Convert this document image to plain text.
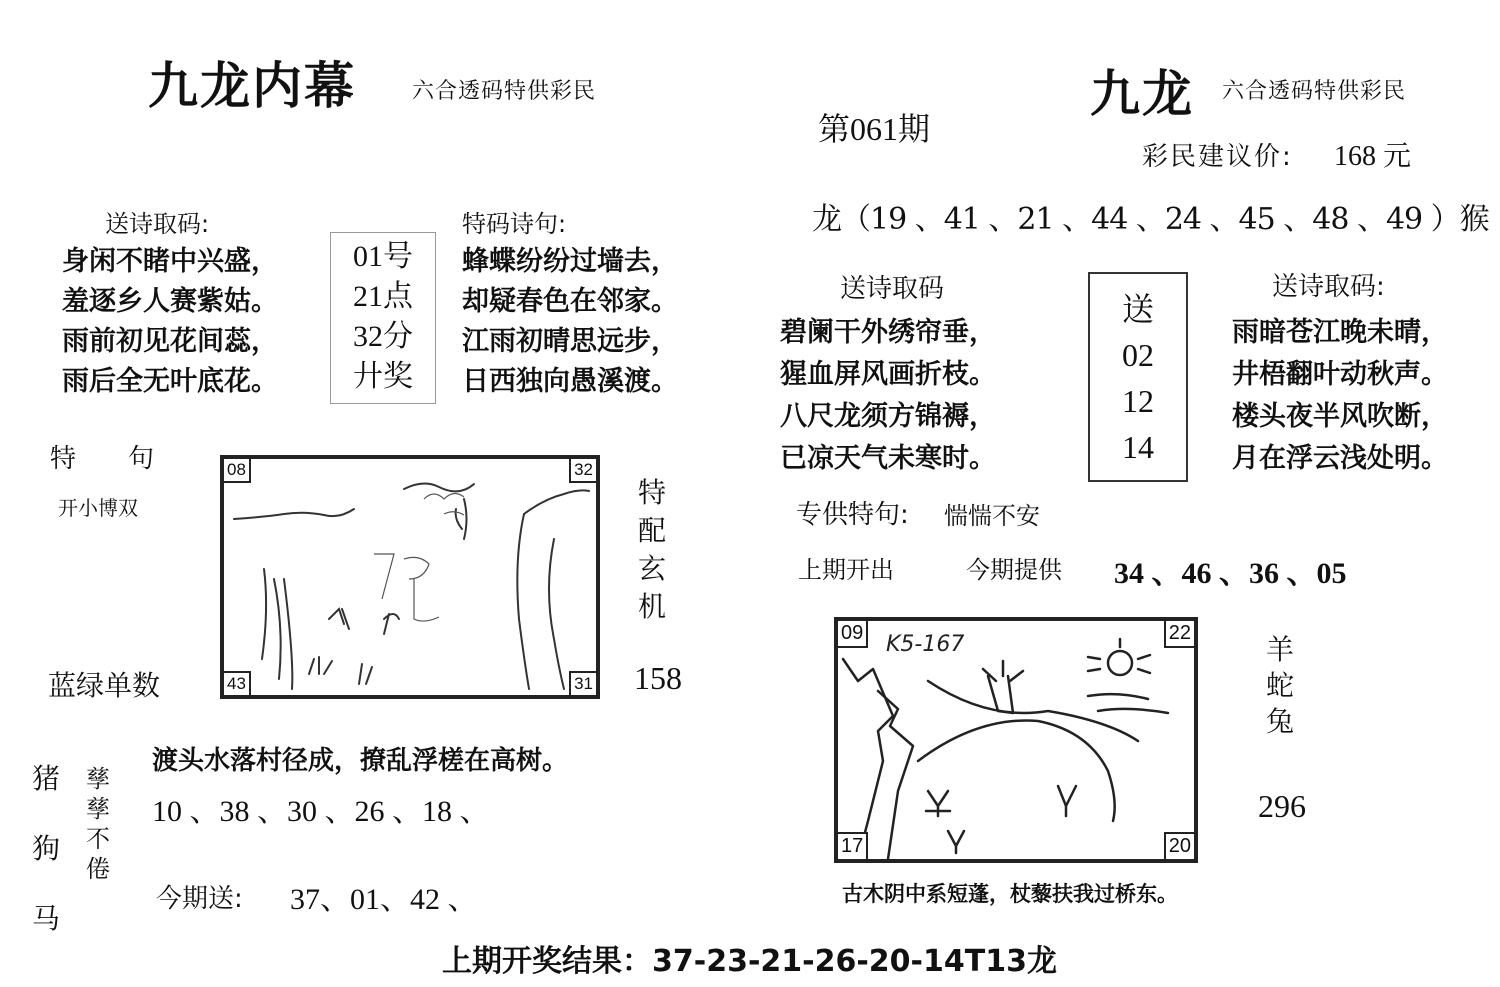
九龙内幕	六合透码特供彩民
送诗取码:
身闲不睹中兴盛，
羞逐乡人赛紫姑。
雨前初见花间蕊，
雨后全无叶底花。
01号
21点
32分
廾奖
特码诗句:
蜂蝶纷纷过墙去，
却疑春色在邻家。
江雨初晴思远步，
日西独向愚溪渡。
特　　句
开小博双
08	32
43	31
特
配
玄
机
蓝绿单数	158
猪
狗
马
孳
孳
不
倦
渡头水落村径成，撩乱浮槎在高树。
10 、38 、30 、26 、18 、
今期送: 37、01、42 、
第061期
九龙 六合透码特供彩民
彩民建议价: 168 元
龙（19 、41 、21 、44 、24 、45 、48 、49 ）猴
送诗取码
碧阑干外绣帘垂，
猩血屏风画折枝。
八尺龙须方锦褥，
已凉天气未寒时。
送
02
12
14
送诗取码:
雨暗苍江晚未晴，
井梧翻叶动秋声。
楼头夜半风吹断，
月在浮云浅处明。
专供特句: 惴惴不安
上期开出	今期提供 34 、46 、36 、05
K5-167
09	22
17	20
羊
蛇
兔
296
古木阴中系短蓬，杖藜扶我过桥东。
上期开奖结果：37-23-21-26-20-14T13龙
